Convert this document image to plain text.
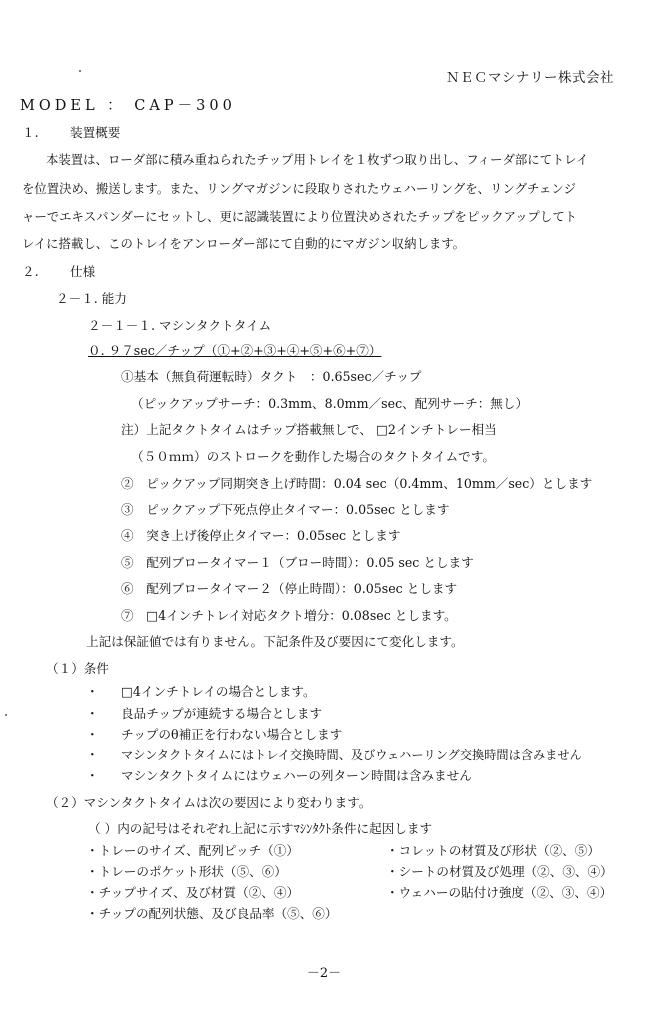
ＮＥＣマシナリー株式会社
MODEL ： CAP－300
１. 装置概要
本装置は、ローダ部に積み重ねられたチップ用トレイを１枚ずつ取り出し、フィーダ部にてトレイ
を位置決め、搬送します。また、リングマガジンに段取りされたウェハーリングを、リングチェンジ
ャーでエキスパンダーにセットし、更に認識装置により位置決めされたチップをピックアップしてト
レイに搭載し、このトレイをアンローダー部にて自動的にマガジン収納します。
２. 仕様
２－１. 能力
２－１－１. マシンタクトタイム
０. ９７sec／チップ（①+②+③+④+⑤+⑥+⑦）
①基本（無負荷運転時）タクト　：0.65sec／チップ
（ピックアップサーチ：0.3mm、8.0mm／sec、配列サーチ：無し）
注）上記タクトタイムはチップ搭載無しで、 □2インチトレー相当
（５０ｍｍ）のストロークを動作した場合のタクトタイムです。
②　ピックアップ同期突き上げ時間：0.04 sec（0.4mm、10mm／sec）とします
③　ピックアップ下死点停止タイマー：0.05sec とします
④　突き上げ後停止タイマー：0.05sec とします
⑤　配列ブロータイマー１（ブロー時間）：0.05 sec とします
⑥　配列ブロータイマー２（停止時間）：0.05sec とします
⑦　□4インチトレイ対応タクト増分：0.08sec とします。
上記は保証値では有りません。下記条件及び要因にて変化します。
（１）条件
・ □4インチトレイの場合とします。
・ 良品チップが連続する場合とします
・ チップのθ補正を行わない場合とします
・ マシンタクトタイムにはトレイ交換時間、及びウェハーリング交換時間は含みません
・ マシンタクトタイムにはウェハーの列ターン時間は含みません
（２）マシンタクトタイムは次の要因により変わります。
（ ）内の記号はそれぞれ上記に示すﾏｼﾝﾀｸﾄ条件に起因します
・トレーのサイズ、配列ピッチ（①）
・トレーのポケット形状（⑤、⑥）
・チップサイズ、及び材質（②、④）
・チップの配列状態、及び良品率（⑤、⑥）
・コレットの材質及び形状（②、⑤）
・シートの材質及び処理（②、③、④）
・ウェハーの貼付け強度（②、③、④）
－2－
